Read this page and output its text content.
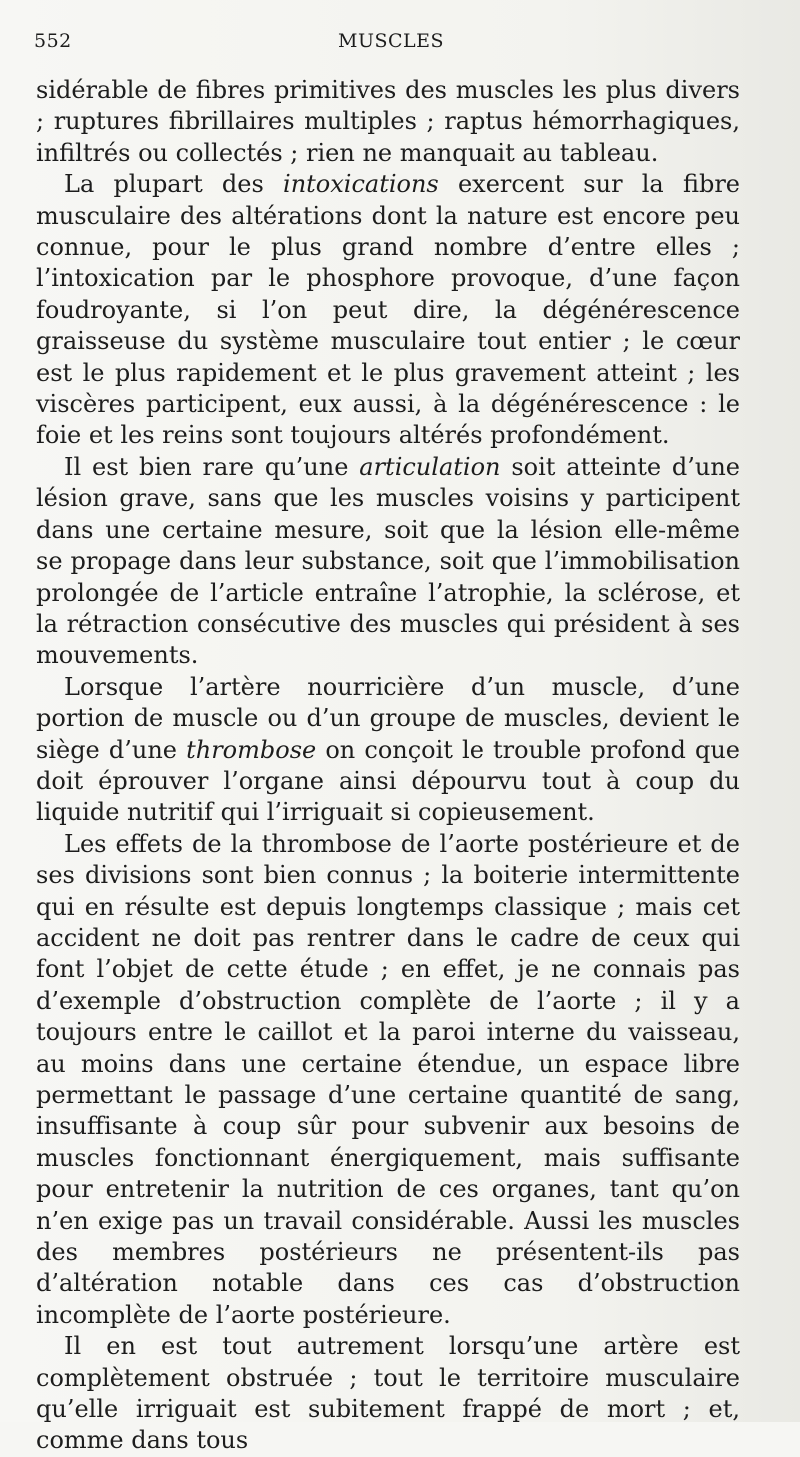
552	MUSCLES

sidérable de fibres primitives des muscles les plus divers ; ruptures fibrillaires multiples ; raptus hémorrhagiques, infiltrés ou collectés ; rien ne manquait au tableau.

La plupart des intoxications exercent sur la fibre musculaire des altérations dont la nature est encore peu connue, pour le plus grand nombre d’entre elles ; l’intoxication par le phosphore provoque, d’une façon foudroyante, si l’on peut dire, la dégénérescence graisseuse du système musculaire tout entier ; le cœur est le plus rapidement et le plus gravement atteint ; les viscères participent, eux aussi, à la dégénérescence : le foie et les reins sont toujours altérés profondément.

Il est bien rare qu’une articulation soit atteinte d’une lésion grave, sans que les muscles voisins y participent dans une certaine mesure, soit que la lésion elle-même se propage dans leur substance, soit que l’immobilisation prolongée de l’article entraîne l’atrophie, la sclérose, et la rétraction consécutive des muscles qui président à ses mouvements.

Lorsque l’artère nourricière d’un muscle, d’une portion de muscle ou d’un groupe de muscles, devient le siège d’une thrombose on conçoit le trouble profond que doit éprouver l’organe ainsi dépourvu tout à coup du liquide nutritif qui l’irriguait si copieusement.

Les effets de la thrombose de l’aorte postérieure et de ses divisions sont bien connus ; la boiterie intermittente qui en résulte est depuis longtemps classique ; mais cet accident ne doit pas rentrer dans le cadre de ceux qui font l’objet de cette étude ; en effet, je ne connais pas d’exemple d’obstruction complète de l’aorte ; il y a toujours entre le caillot et la paroi interne du vaisseau, au moins dans une certaine étendue, un espace libre permettant le passage d’une certaine quantité de sang, insuffisante à coup sûr pour subvenir aux besoins de muscles fonctionnant énergiquement, mais suffisante pour entretenir la nutrition de ces organes, tant qu’on n’en exige pas un travail considérable. Aussi les muscles des membres postérieurs ne présentent-ils pas d’altération notable dans ces cas d’obstruction incomplète de l’aorte postérieure.

Il en est tout autrement lorsqu’une artère est complètement obstruée ; tout le territoire musculaire qu’elle irriguait est subitement frappé de mort ; et, comme dans tous
